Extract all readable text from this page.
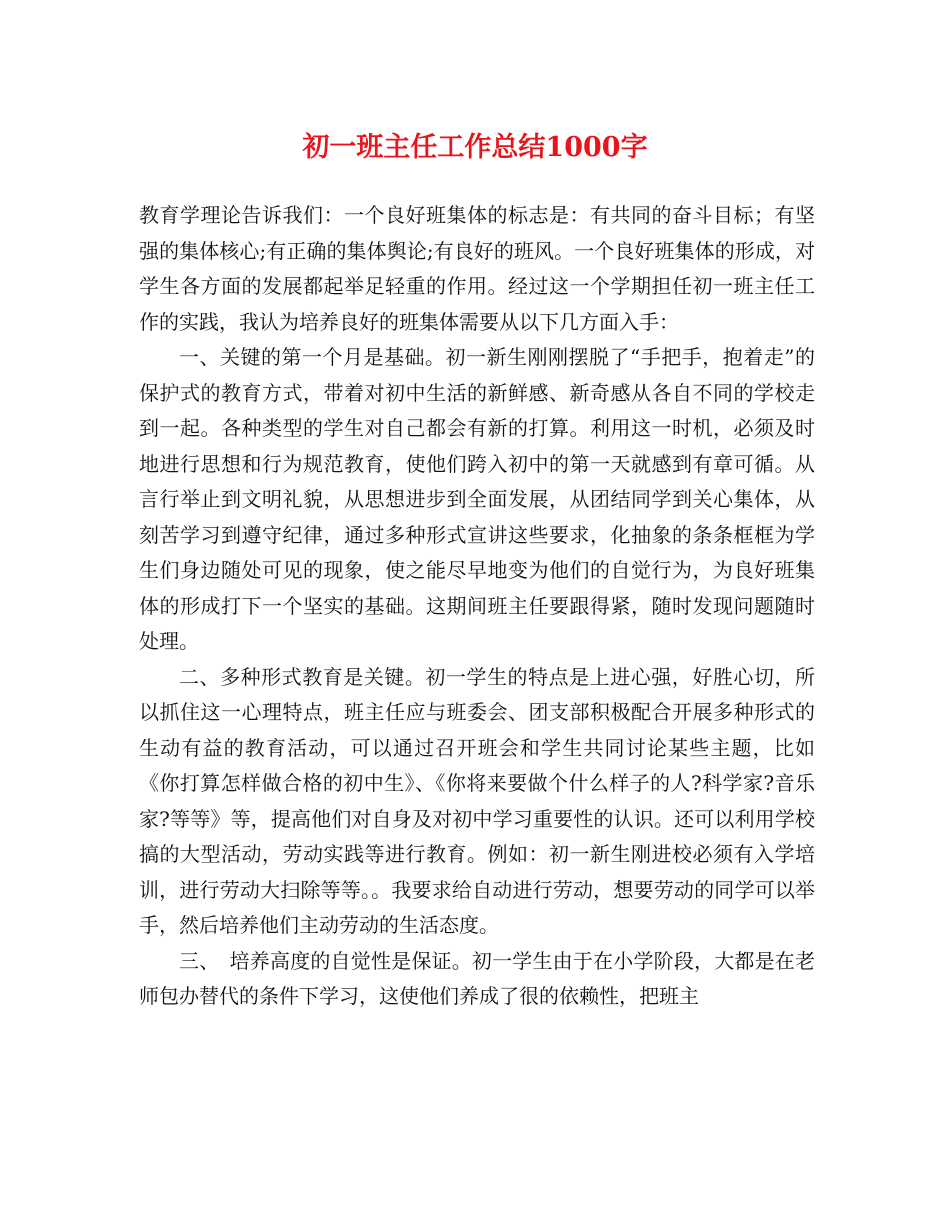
初一班主任工作总结1000字

教育学理论告诉我们：一个良好班集体的标志是：有共同的奋斗目标；有坚强的集体核心;有正确的集体舆论;有良好的班风。一个良好班集体的形成，对学生各方面的发展都起举足轻重的作用。经过这一个学期担任初一班主任工作的实践，我认为培养良好的班集体需要从以下几方面入手：

一、关键的第一个月是基础。初一新生刚刚摆脱了“手把手，抱着走”的保护式的教育方式，带着对初中生活的新鲜感、新奇感从各自不同的学校走到一起。各种类型的学生对自己都会有新的打算。利用这一时机，必须及时地进行思想和行为规范教育，使他们跨入初中的第一天就感到有章可循。从言行举止到文明礼貌，从思想进步到全面发展，从团结同学到关心集体，从刻苦学习到遵守纪律，通过多种形式宣讲这些要求，化抽象的条条框框为学生们身边随处可见的现象，使之能尽早地变为他们的自觉行为，为良好班集体的形成打下一个坚实的基础。这期间班主任要跟得紧，随时发现问题随时处理。

二、多种形式教育是关键。初一学生的特点是上进心强，好胜心切，所以抓住这一心理特点，班主任应与班委会、团支部积极配合开展多种形式的生动有益的教育活动，可以通过召开班会和学生共同讨论某些主题，比如《你打算怎样做合格的初中生》、《你将来要做个什么样子的人?科学家?音乐家?等等》等，提高他们对自身及对初中学习重要性的认识。还可以利用学校搞的大型活动，劳动实践等进行教育。例如：初一新生刚进校必须有入学培训，进行劳动大扫除等等。。我要求给自动进行劳动，想要劳动的同学可以举手，然后培养他们主动劳动的生活态度。

三、　培养高度的自觉性是保证。初一学生由于在小学阶段，大都是在老师包办替代的条件下学习，这使他们养成了很的依赖性，把班主
